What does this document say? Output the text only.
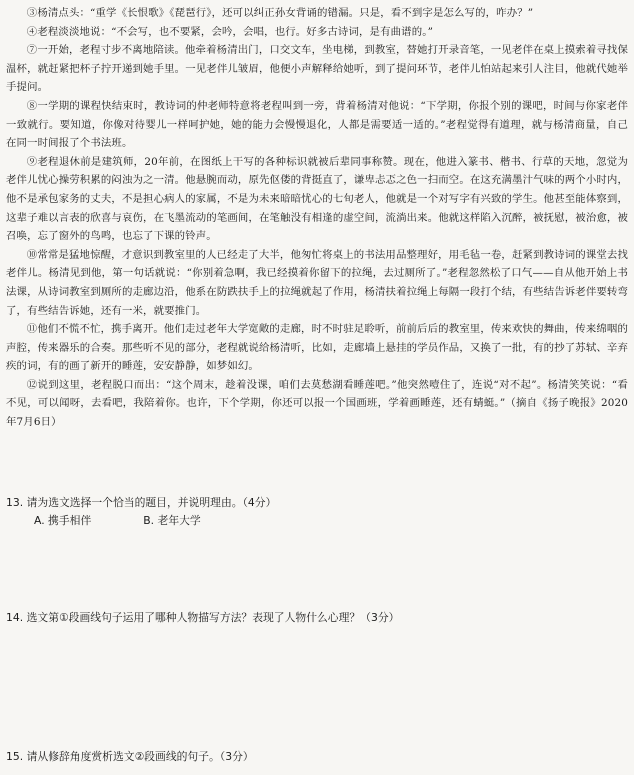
③杨清点头：“重学《长恨歌》《琵琶行》，还可以纠正孙女背诵的错漏。只是，看不到字是怎么写的，咋办？”

④老程淡淡地说：“不会写，也不要紧，会吟，会唱，也行。好多古诗词，是有曲谱的。”

⑦一开始，老程寸步不离地陪读。他牵着杨清出门，口交文车，坐电梯，到教室，替她打开录音笔，一见老伴在桌上摸索着寻找保温杯，就赶紧把杯子拧开递到她手里。一见老伴儿皱眉，他便小声解释给她听，到了提问环节，老伴儿怕站起来引人注目，他就代她举手提问。

⑧一学期的课程快结束时，教诗词的仲老师特意将老程叫到一旁，背着杨清对他说：“下学期，你报个别的课吧，时间与你家老伴一致就行。要知道，你像对待婴儿一样呵护她，她的能力会慢慢退化，人都是需要适一适的。”老程觉得有道理，就与杨清商量，自己在同一时间报了个书法班。

⑨老程退休前是建筑师，20年前，在图纸上干写的各种标识就被后辈同事称赞。现在，他进入篆书、楷书、行草的天地，忽觉为老伴儿忧心操劳积累的闷浊为之一清。他悬腕而动，原先伛偻的背挺直了，谦卑忐忑之色一扫而空。在这充满墨汁气味的两个小时内，他不是承包家务的丈夫，不是担心病人的家属，不是为未来暗暗忧心的七旬老人，他就是一个对写字有兴致的学生。他甚至能体察到，这辈子难以言表的欣喜与哀伤，在飞墨流动的笔画间，在笔触没有相逢的虚空间，流淌出来。他就这样陷入沉醉，被抚慰，被治愈，被召唤，忘了窗外的鸟鸣，也忘了下课的铃声。

⑩常常是猛地惊醒，才意识到教室里的人已经走了大半，他匆忙将桌上的书法用品整理好，用毛毡一卷，赶紧到教诗词的课堂去找老伴儿。杨清见到他，第一句话就说：“你别着急啊，我已经摸着你留下的拉绳，去过厕所了。”老程忽然松了口气——自从他开始上书法课，从诗词教室到厕所的走廊边沿，他系在防跌扶手上的拉绳就起了作用，杨清扶着拉绳上每隔一段打个结，有些结告诉老伴要转弯了，有些结告诉她，还有一米，就要推门。

⑪他们不慌不忙，携手离开。他们走过老年大学宽敞的走廊，时不时驻足聆听，前前后后的教室里，传来欢快的舞曲，传来绵咽的声腔，传来器乐的合奏。那些听不见的部分，老程就说给杨清听，比如，走廊墙上悬挂的学员作品，又换了一批，有的抄了苏轼、辛弃疾的词，有的画了新开的睡莲，安安静静，如梦如幻。

⑫说到这里，老程脱口而出：“这个周末，趁着没课，咱们去莫愁湖看睡莲吧。”他突然噎住了，连说“对不起”。杨清笑笑说：“看不见，可以闻呀，去看吧，我陪着你。也许，下个学期，你还可以报一个国画班，学着画睡莲，还有蜻蜓。”（摘自《扬子晚报》2020年7月6日）

13. 请为选文选择一个恰当的题目，并说明理由。（4分）
A. 携手相伴	B. 老年大学
14. 选文第①段画线句子运用了哪种人物描写方法？表现了人物什么心理？（3分）
15. 请从修辞角度赏析选文②段画线的句子。（3分）
